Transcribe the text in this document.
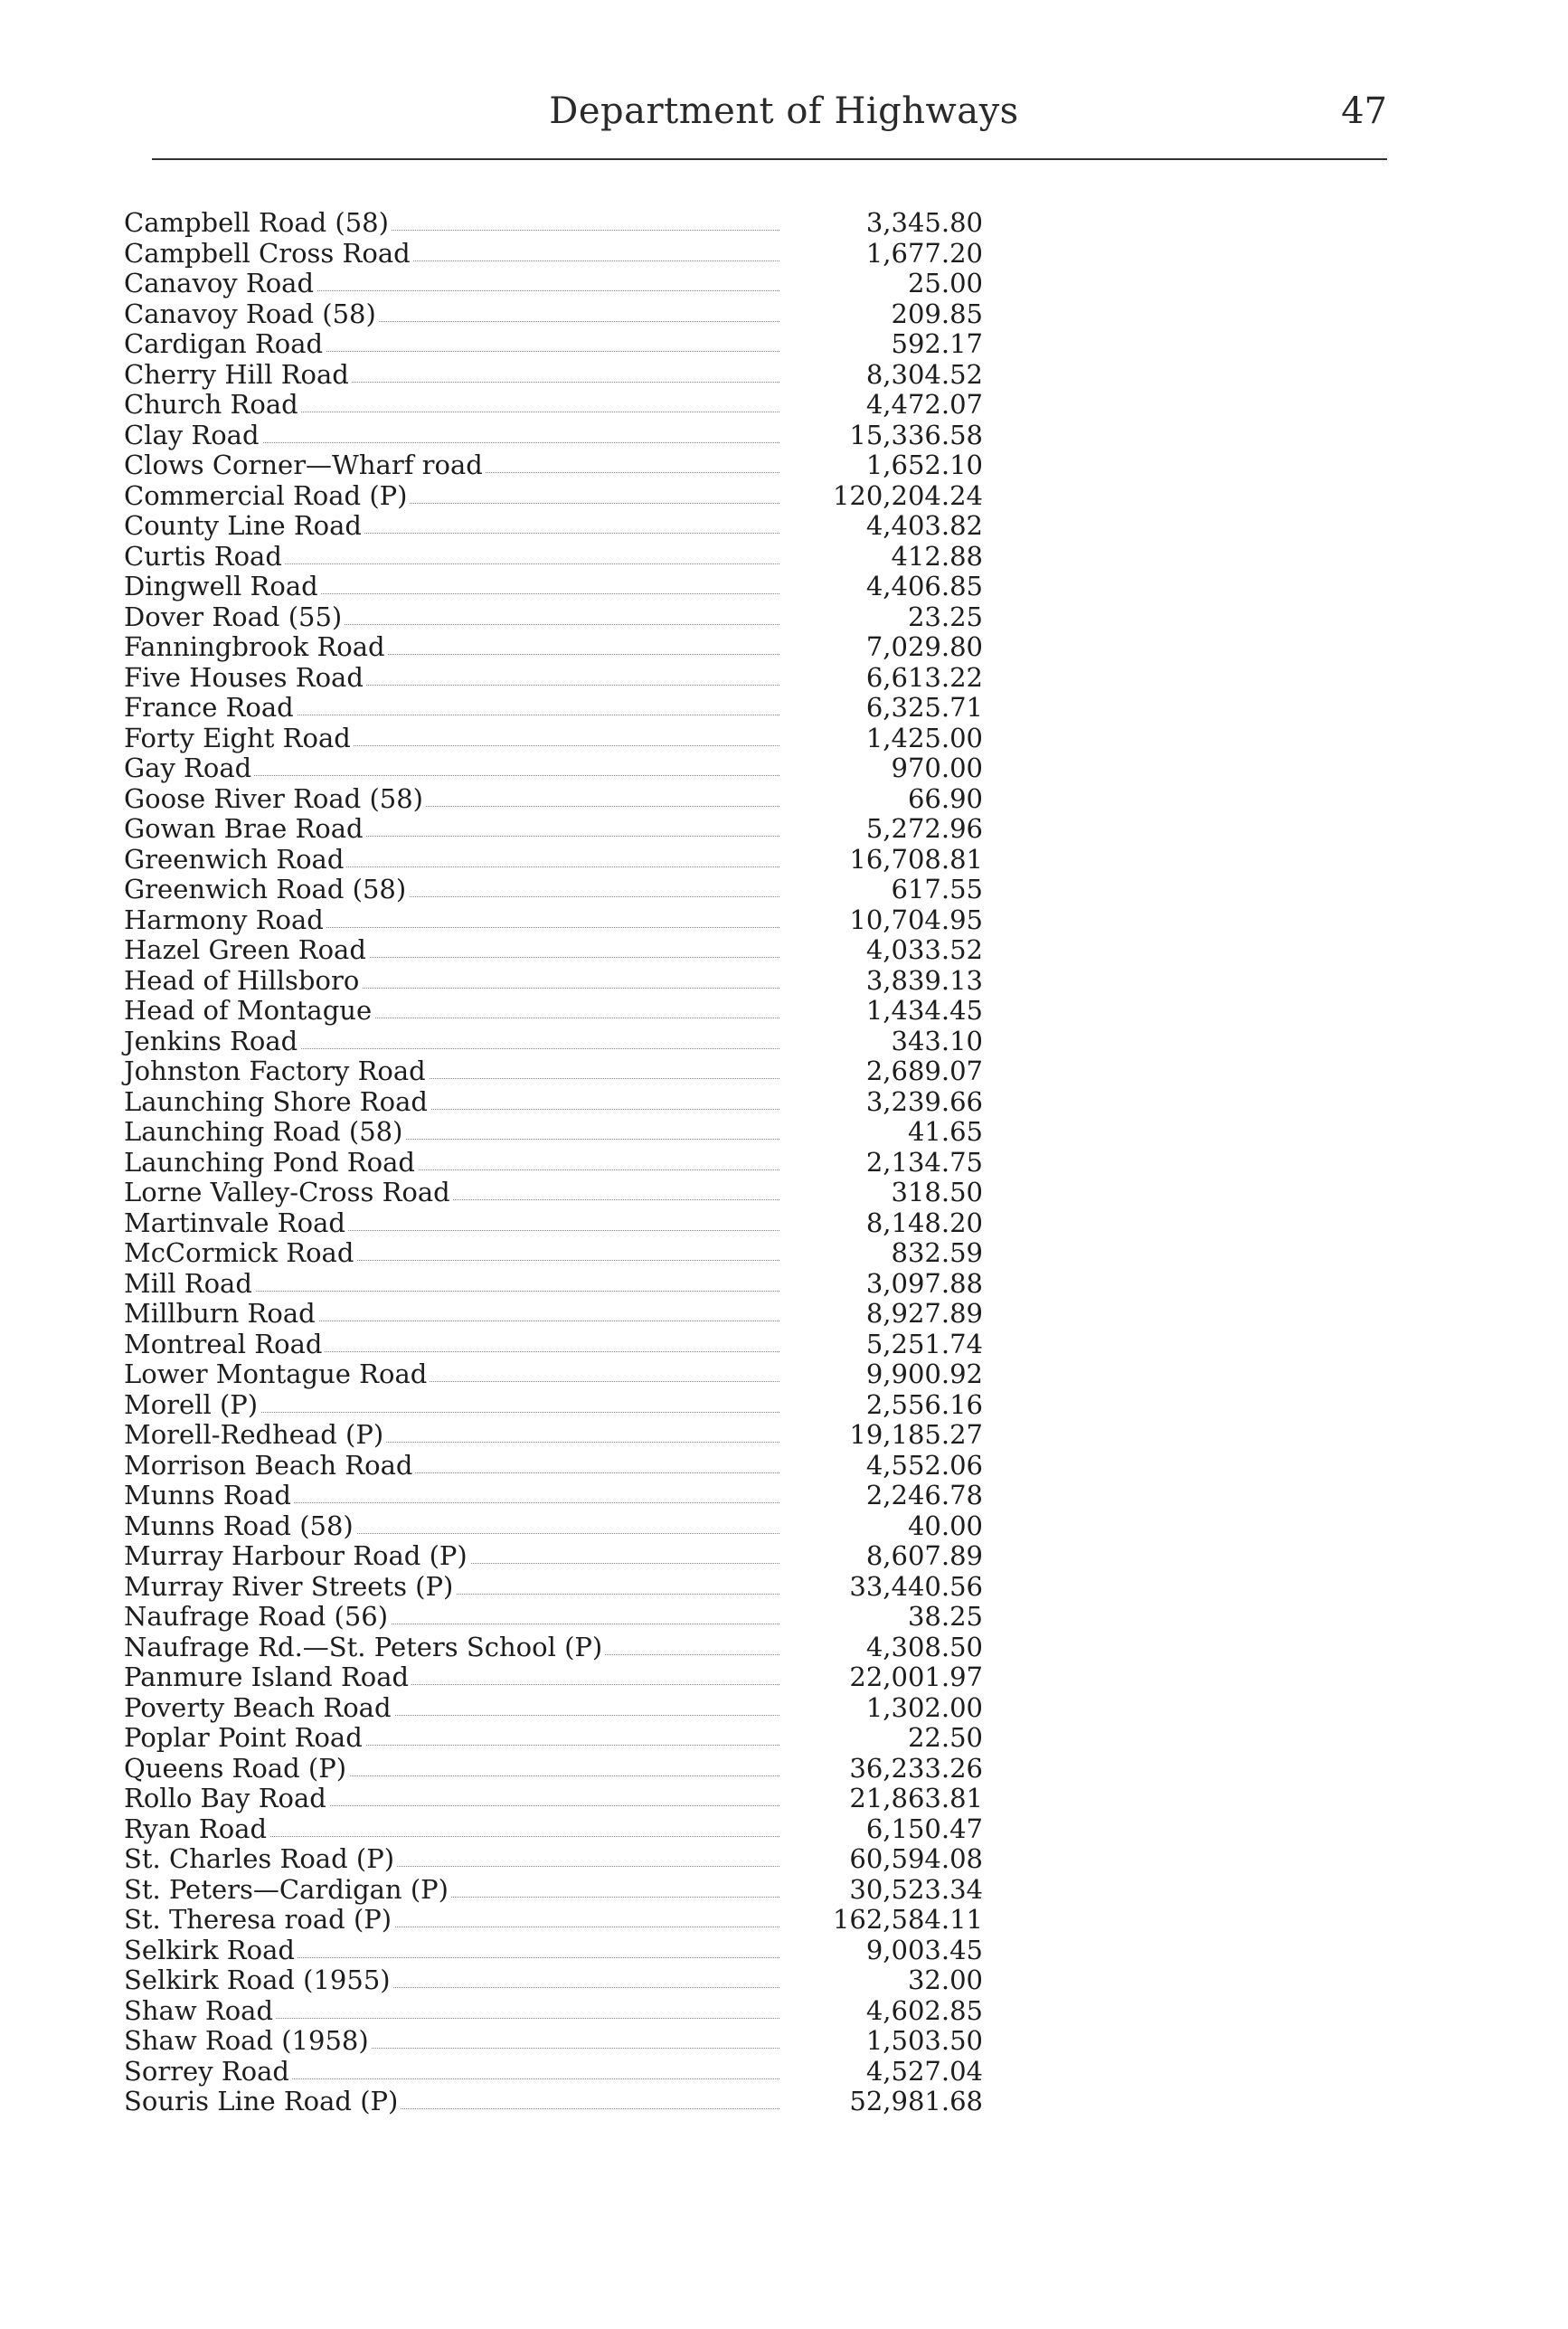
Department of Highways	47
Campbell Road (58)	3,345.80
Campbell Cross Road	1,677.20
Canavoy Road	25.00
Canavoy Road (58)	209.85
Cardigan Road	592.17
Cherry Hill Road	8,304.52
Church Road	4,472.07
Clay Road	15,336.58
Clows Corner—Wharf road	1,652.10
Commercial Road (P)	120,204.24
County Line Road	4,403.82
Curtis Road	412.88
Dingwell Road	4,406.85
Dover Road (55)	23.25
Fanningbrook Road	7,029.80
Five Houses Road	6,613.22
France Road	6,325.71
Forty Eight Road	1,425.00
Gay Road	970.00
Goose River Road (58)	66.90
Gowan Brae Road	5,272.96
Greenwich Road	16,708.81
Greenwich Road (58)	617.55
Harmony Road	10,704.95
Hazel Green Road	4,033.52
Head of Hillsboro	3,839.13
Head of Montague	1,434.45
Jenkins Road	343.10
Johnston Factory Road	2,689.07
Launching Shore Road	3,239.66
Launching Road (58)	41.65
Launching Pond Road	2,134.75
Lorne Valley-Cross Road	318.50
Martinvale Road	8,148.20
McCormick Road	832.59
Mill Road	3,097.88
Millburn Road	8,927.89
Montreal Road	5,251.74
Lower Montague Road	9,900.92
Morell (P)	2,556.16
Morell-Redhead (P)	19,185.27
Morrison Beach Road	4,552.06
Munns Road	2,246.78
Munns Road (58)	40.00
Murray Harbour Road (P)	8,607.89
Murray River Streets (P)	33,440.56
Naufrage Road (56)	38.25
Naufrage Rd.—St. Peters School (P)	4,308.50
Panmure Island Road	22,001.97
Poverty Beach Road	1,302.00
Poplar Point Road	22.50
Queens Road (P)	36,233.26
Rollo Bay Road	21,863.81
Ryan Road	6,150.47
St. Charles Road (P)	60,594.08
St. Peters—Cardigan (P)	30,523.34
St. Theresa road (P)	162,584.11
Selkirk Road	9,003.45
Selkirk Road (1955)	32.00
Shaw Road	4,602.85
Shaw Road (1958)	1,503.50
Sorrey Road	4,527.04
Souris Line Road (P)	52,981.68
